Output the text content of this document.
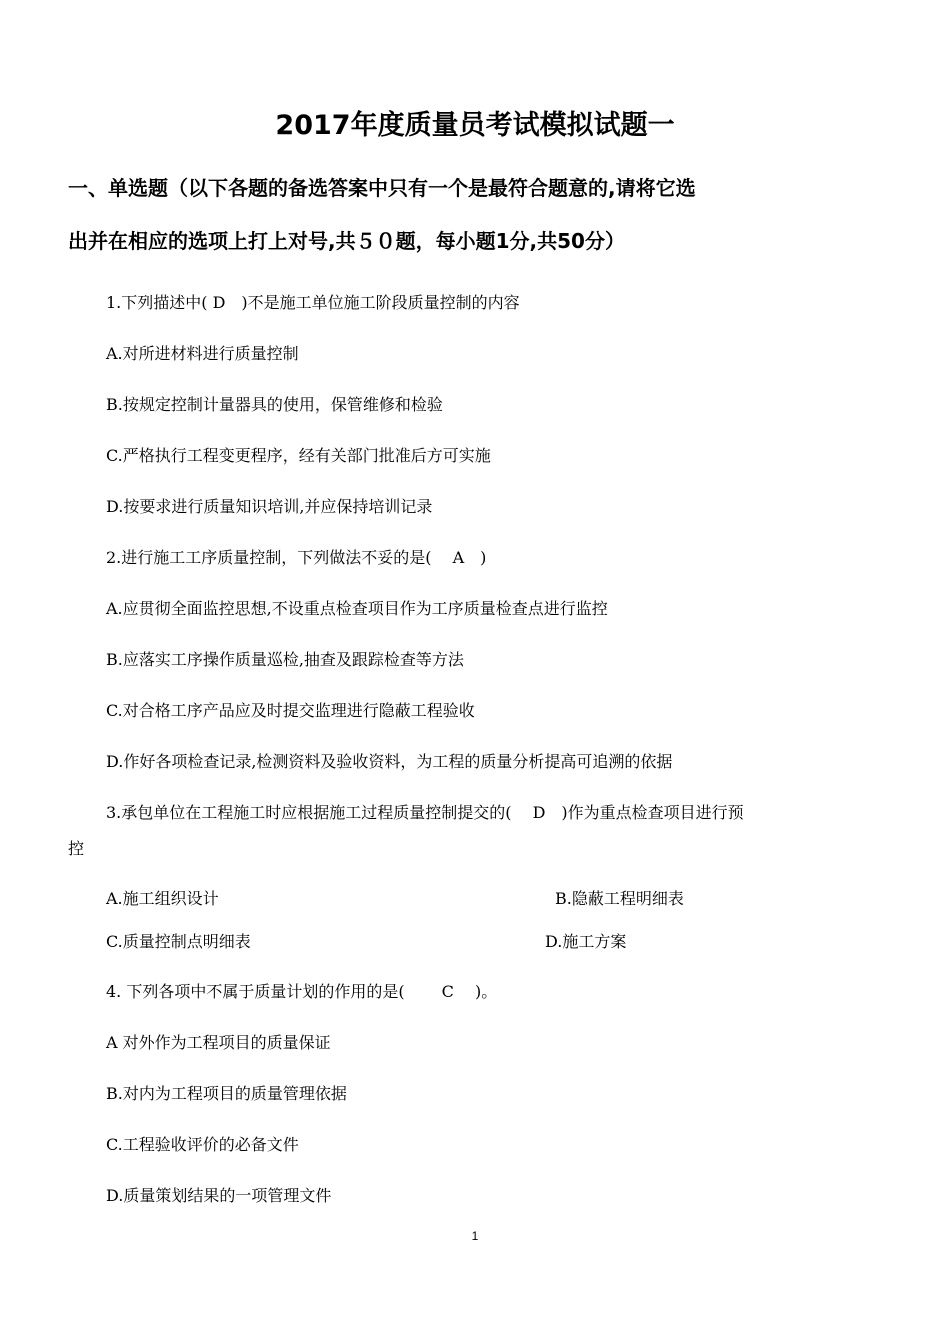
2017年度质量员考试模拟试题一
一、单选题（以下各题的备选答案中只有一个是最符合题意的,请将它选
出并在相应的选项上打上对号,共５０题，每小题1分,共50分）
1.下列描述中( D　)不是施工单位施工阶段质量控制的内容
A.对所进材料进行质量控制
B.按规定控制计量器具的使用，保管维修和检验
C.严格执行工程变更程序，经有关部门批准后方可实施
D.按要求进行质量知识培训,并应保持培训记录
2.进行施工工序质量控制，下列做法不妥的是(　 A　)
A.应贯彻全面监控思想,不设重点检查项目作为工序质量检查点进行监控
B.应落实工序操作质量巡检,抽查及跟踪检查等方法
C.对合格工序产品应及时提交监理进行隐蔽工程验收
D.作好各项检查记录,检测资料及验收资料，为工程的质量分析提高可追溯的依据
3.承包单位在工程施工时应根据施工过程质量控制提交的(　 D　)作为重点检查项目进行预
控
A.施工组织设计	B.隐蔽工程明细表
C.质量控制点明细表	D.施工方案
4. 下列各项中不属于质量计划的作用的是(　　 C　 )。
A 对外作为工程项目的质量保证
B.对内为工程项目的质量管理依据
C.工程验收评价的必备文件
D.质量策划结果的一项管理文件
1
